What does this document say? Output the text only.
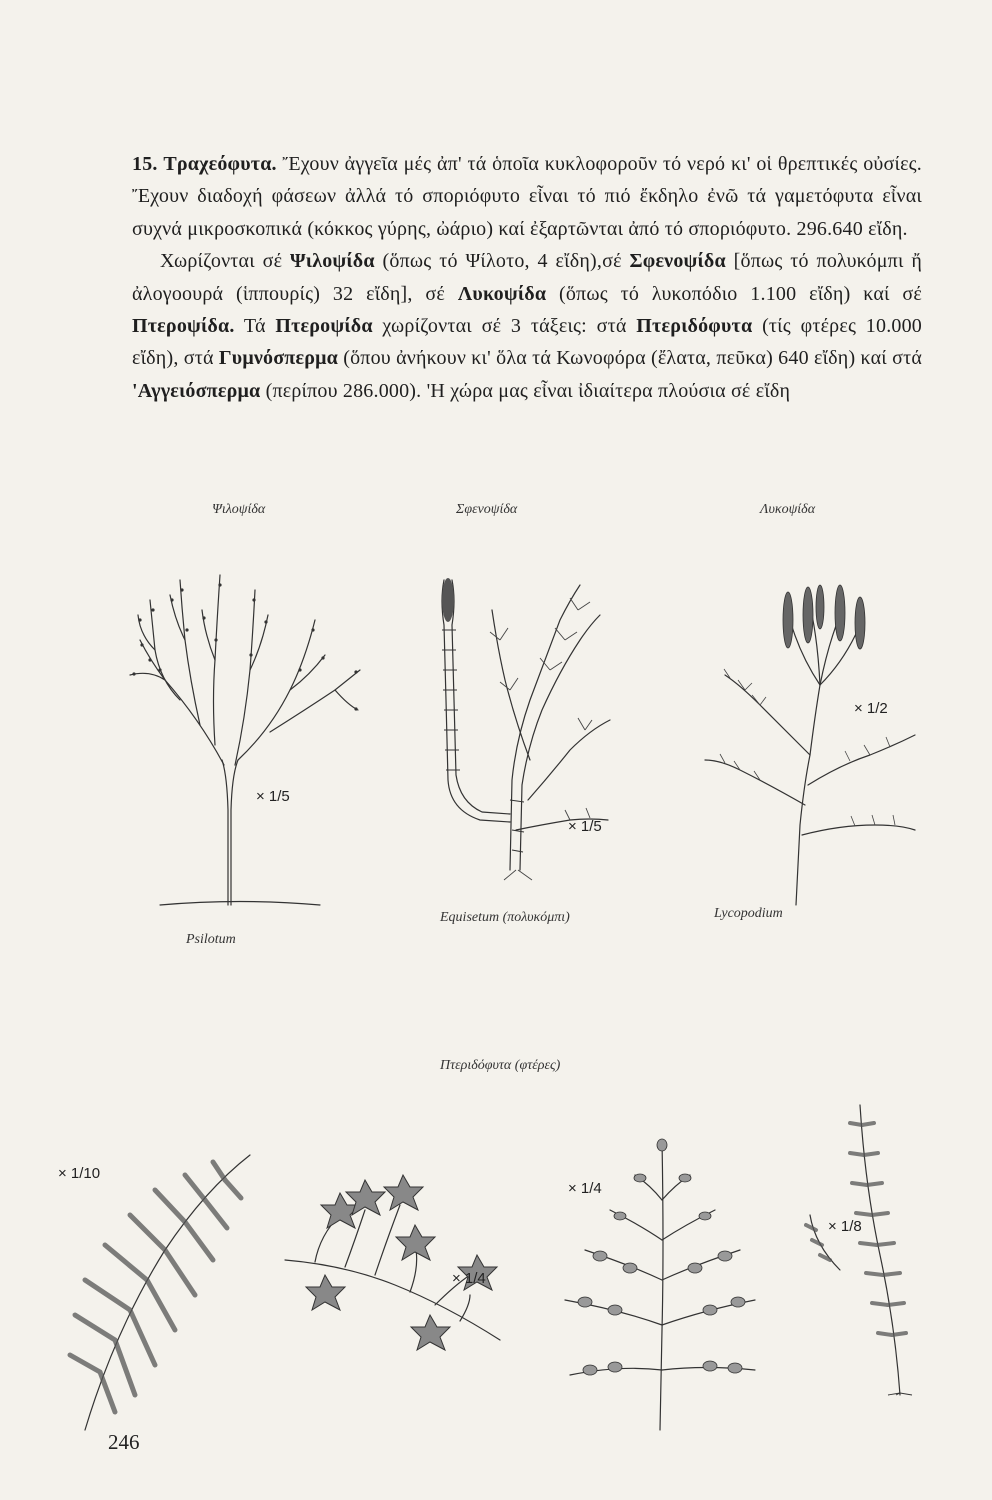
15. Τραχεόφυτα. Ἔχουν ἀγγεῖα μές ἀπ' τά ὁποῖα κυκλοφοροῦν τό νερό κι' οἱ θρεπτικές οὐσίες. Ἔχουν διαδοχή φάσεων ἀλλά τό σποριόφυτο εἶναι τό πιό ἔκδηλο ἐνῶ τά γαμετόφυτα εἶναι συχνά μικροσκοπικά (κόκκος γύρης, ὠάριο) καί ἐξαρτῶνται ἀπό τό σποριόφυτο. 296.640 εἴδη.

Χωρίζονται σέ Ψιλοψίδα (ὅπως τό Ψίλοτο, 4 εἴδη),σέ Σφενοψίδα [ὅπως τό πολυκόμπι ἤ ἀλογοουρά (ἱππουρίς) 32 εἴδη], σέ Λυκοψίδα (ὅπως τό λυκοπόδιο 1.100 εἴδη) καί σέ Πτεροψίδα. Τά Πτεροψίδα χωρίζονται σέ 3 τάξεις: στά Πτεριδόφυτα (τίς φτέρες 10.000 εἴδη), στά Γυμνόσπερμα (ὅπου ἀνήκουν κι' ὅλα τά Κωνοφόρα (ἔλατα, πεῦκα) 640 εἴδη) καί στά 'Αγγειόσπερμα (περίπου 286.000). 'Η χώρα μας εἶναι ἰδιαίτερα πλούσια σέ εἴδη

Ψιλοψίδα	Σφενοψίδα	Λυκοψίδα
× 1/5
Psilotum
× 1/5
Equisetum (πολυκόμπι)
× 1/2
Lycopodium
Πτεριδόφυτα (φτέρες)
× 1/10
× 1/4
× 1/4
× 1/8
246
